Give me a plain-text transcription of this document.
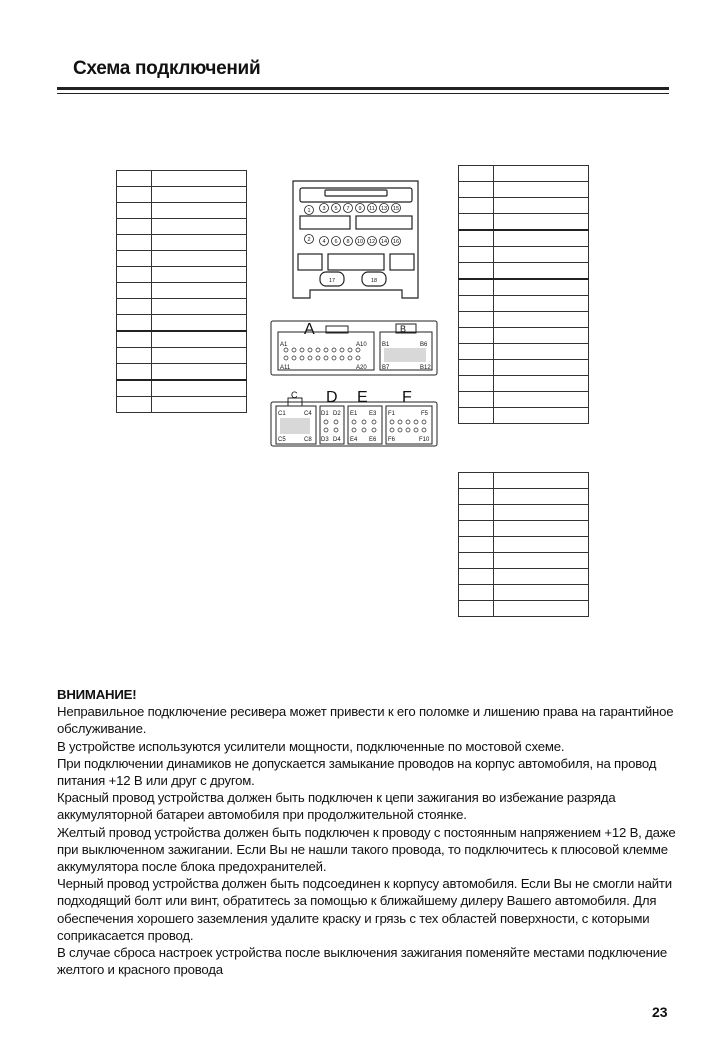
Схема подключений

1 3 5 7 9 11 13 15
2 4 6 8 10 12 14 16
17	18
A	B
A1	A10
A11	A20
B1	B6
B7	B12
C D E F
C1	C4
C5	C8
D1 D2
D3 D4
E1 E3
E4 E6
F1	F5
F6	F10

ВНИМАНИЕ!

Неправильное подключение ресивера может привести к его поломке и лишению права на гарантийное обслуживание.

В устройстве используются усилители мощности, подключенные по мостовой схеме.

При подключении динамиков не допускается замыкание проводов на корпус автомобиля, на провод питания +12 В или друг с другом.

Красный провод устройства должен быть подключен к цепи зажигания во избежание разряда аккумуляторной батареи автомобиля при продолжительной стоянке.

Желтый провод устройства должен быть подключен к проводу с постоянным напряжением +12 В, даже при выключенном зажигании. Если Вы не нашли такого провода, то подключитесь к плюсовой клемме аккумулятора после блока предохранителей.

Черный провод устройства должен быть подсоединен к корпусу автомобиля. Если Вы не смогли найти подходящий болт или винт, обратитесь за помощью к ближайшему дилеру Вашего автомобиля. Для обеспечения хорошего заземления удалите краску и грязь с тех областей поверхности, с которыми соприкасается провод.

В случае сброса настроек устройства после выключения зажигания поменяйте местами подключение желтого и красного провода

23
